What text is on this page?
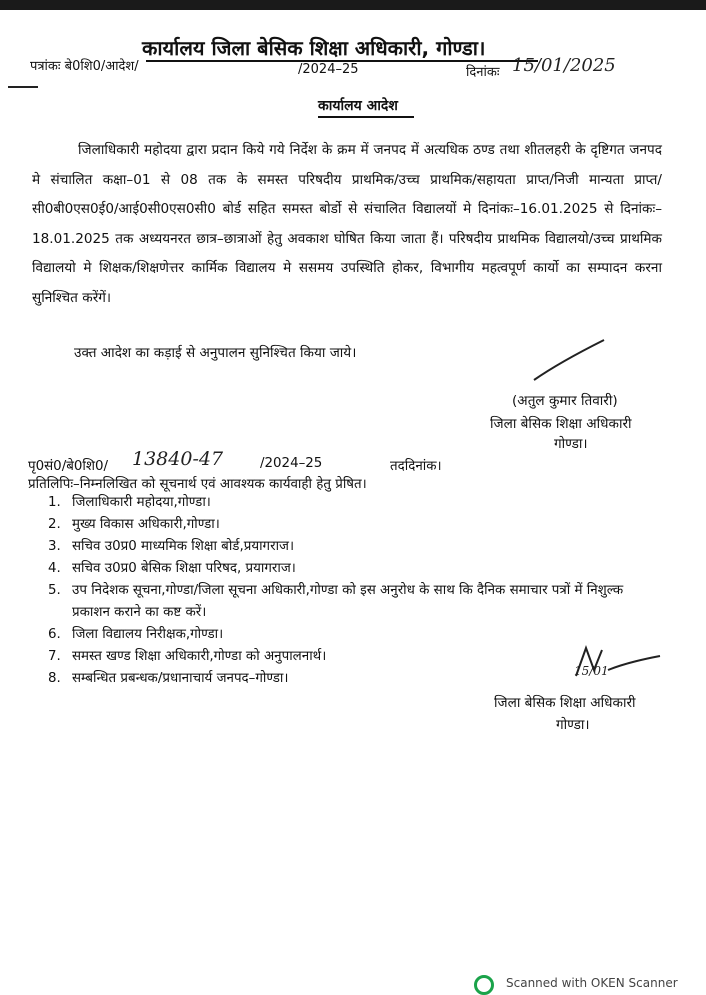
कार्यालय जिला बेसिक शिक्षा अधिकारी, गोण्डा।
पत्रांकः बे0शि0/आदेश/	/2024–25	दिनांकः 15/01/2025
कार्यालय आदेश
जिलाधिकारी महोदया द्वारा प्रदान किये गये निर्देश के क्रम में जनपद में अत्यधिक ठण्ड तथा शीतलहरी के दृष्टिगत जनपद मे संचालित कक्षा–01 से 08 तक के समस्त परिषदीय प्राथमिक/उच्च प्राथमिक/सहायता प्राप्त/निजी मान्यता प्राप्त/सी0बी0एस0ई0/आई0सी0एस0सी0 बोर्ड सहित समस्त बोर्डो से संचालित विद्यालयों मे दिनांकः–16.01.2025 से दिनांकः–18.01.2025 तक अध्ययनरत छात्र–छात्राओं हेतु अवकाश घोषित किया जाता हैं। परिषदीय प्राथमिक विद्यालयो/उच्च प्राथमिक विद्यालयो मे शिक्षक/शिक्षणेत्तर कार्मिक विद्यालय मे ससमय उपस्थिति होकर, विभागीय महत्वपूर्ण कार्यो का सम्पादन करना सुनिश्चित करेंगें।
उक्त आदेश का कड़ाई से अनुपालन सुनिश्चित किया जाये।
(अतुल कुमार तिवारी)
जिला बेसिक शिक्षा अधिकारी
गोण्डा।
पृ0सं0/बे0शि0/ 13840-47	/2024–25	तददिनांक।
प्रतिलिपिः–निम्नलिखित को सूचनार्थ एवं आवश्यक कार्यवाही हेतु प्रेषित।
1. जिलाधिकारी महोदया,गोण्डा।
2. मुख्य विकास अधिकारी,गोण्डा।
3. सचिव उ0प्र0 माध्यमिक शिक्षा बोर्ड,प्रयागराज।
4. सचिव उ0प्र0 बेसिक शिक्षा परिषद, प्रयागराज।
5. उप निदेशक सूचना,गोण्डा/जिला सूचना अधिकारी,गोण्डा को इस अनुरोध के साथ कि दैनिक समाचार पत्रों में निशुल्क प्रकाशन कराने का कष्ट करें।
6. जिला विद्यालय निरीक्षक,गोण्डा।
7. समस्त खण्ड शिक्षा अधिकारी,गोण्डा को अनुपालनार्थ।
8. सम्बन्धित प्रबन्धक/प्रधानाचार्य जनपद–गोण्डा।	15/01
जिला बेसिक शिक्षा अधिकारी
गोण्डा।
Scanned with OKEN Scanner
